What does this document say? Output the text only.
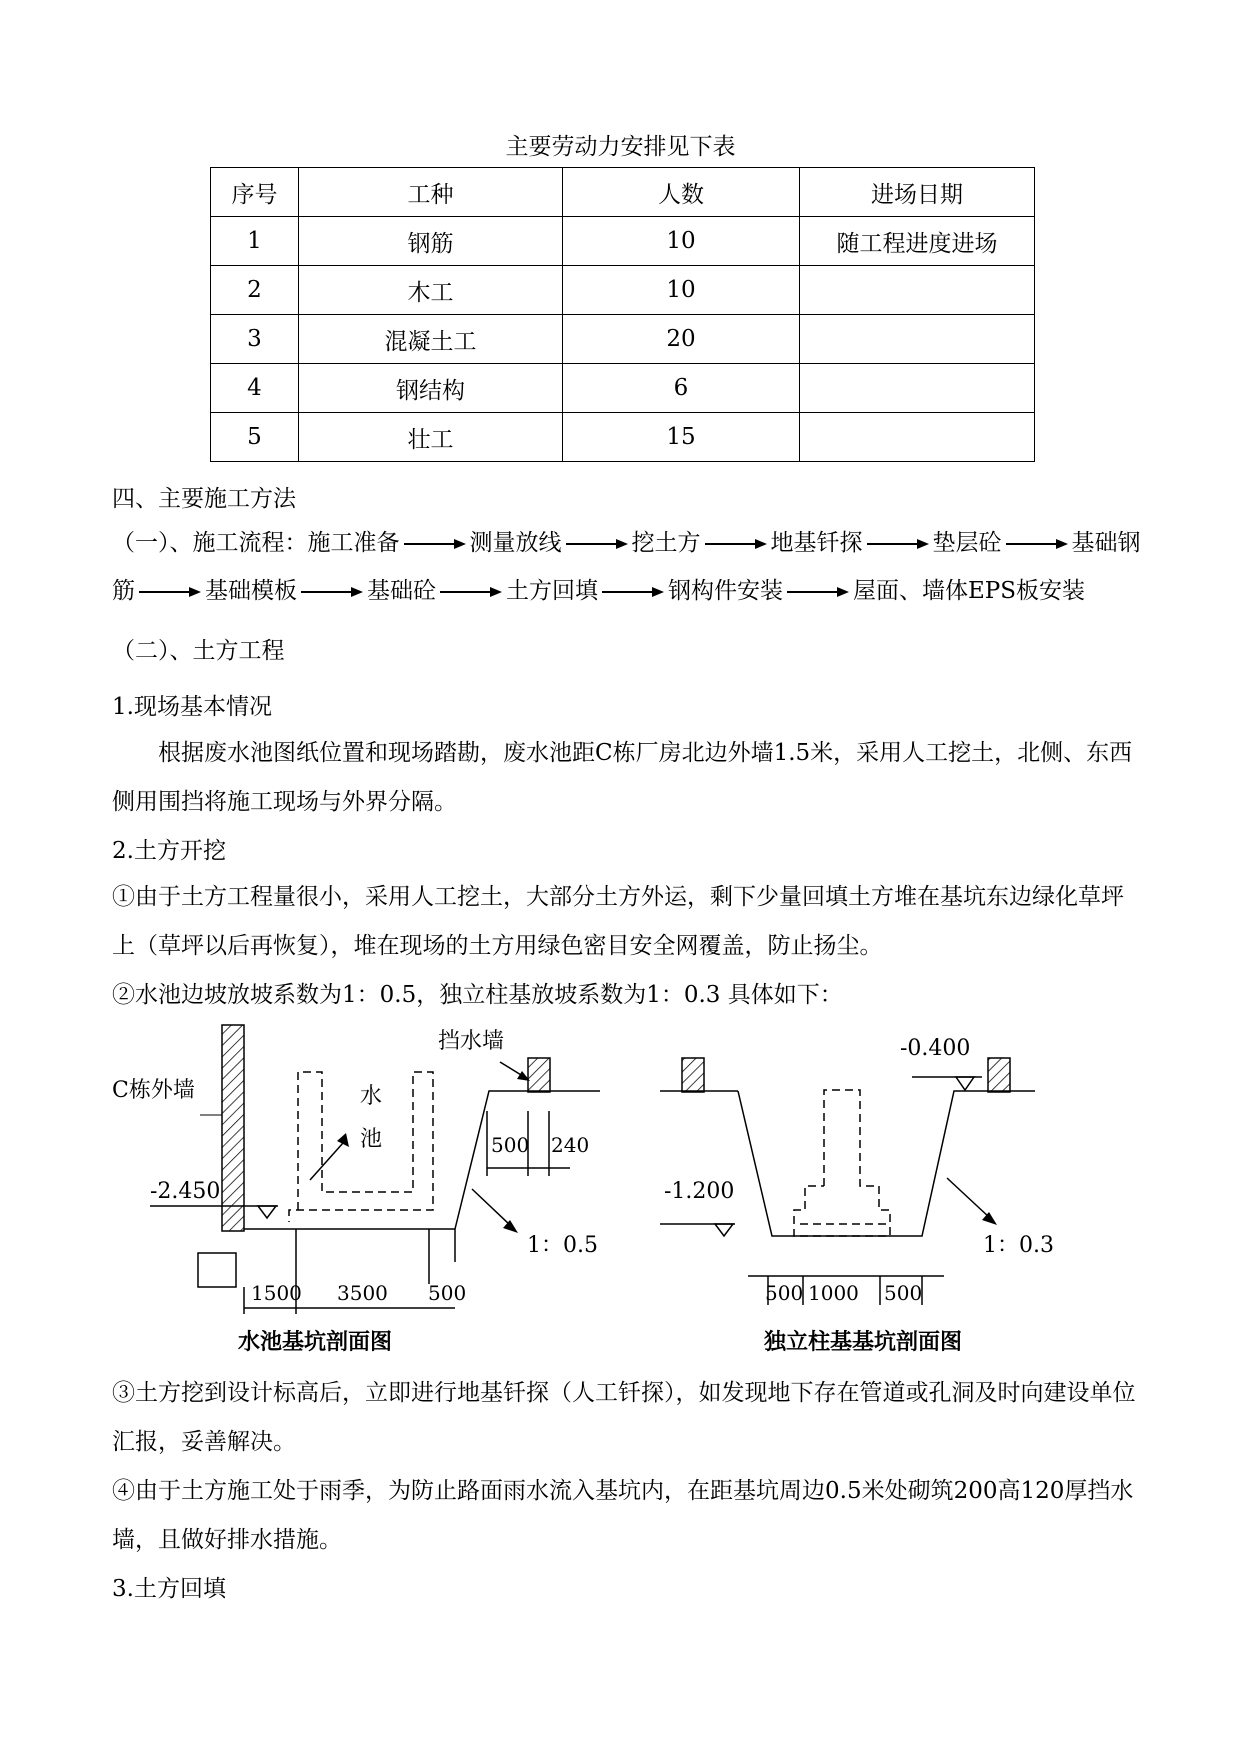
主要劳动力安排见下表
序号	工种	人数	进场日期
1	钢筋	10	随工程进度进场
2	木工	10	
3	混凝土工	20	
4	钢结构	6	
5	壮工	15	
四、主要施工方法
（一）、施工流程：施工准备	测量放线	挖土方	地基钎探	垫层砼	基础钢筋	基础模板	基础砼	土方回填	钢构件安装	屋面、墙体EPS板安装
（二）、土方工程
1.现场基本情况
根据废水池图纸位置和现场踏勘，废水池距C栋厂房北边外墙1.5米，采用人工挖土，北侧、东西侧用围挡将施工现场与外界分隔。
2.土方开挖
①由于土方工程量很小，采用人工挖土，大部分土方外运，剩下少量回填土方堆在基坑东边绿化草坪上（草坪以后再恢复），堆在现场的土方用绿色密目安全网覆盖，防止扬尘。
②水池边坡放坡系数为1：0.5，独立柱基放坡系数为1：0.3 具体如下：
C栋外墙	水
池
-2.450
挡水墙
500 240
1：0.5
1500 3500 500
-0.400
-1.200
1：0.3
500 1000 500
水池基坑剖面图	独立柱基基坑剖面图
③土方挖到设计标高后，立即进行地基钎探（人工钎探），如发现地下存在管道或孔洞及时向建设单位汇报，妥善解决。
④由于土方施工处于雨季，为防止路面雨水流入基坑内，在距基坑周边0.5米处砌筑200高120厚挡水墙，且做好排水措施。
3.土方回填
